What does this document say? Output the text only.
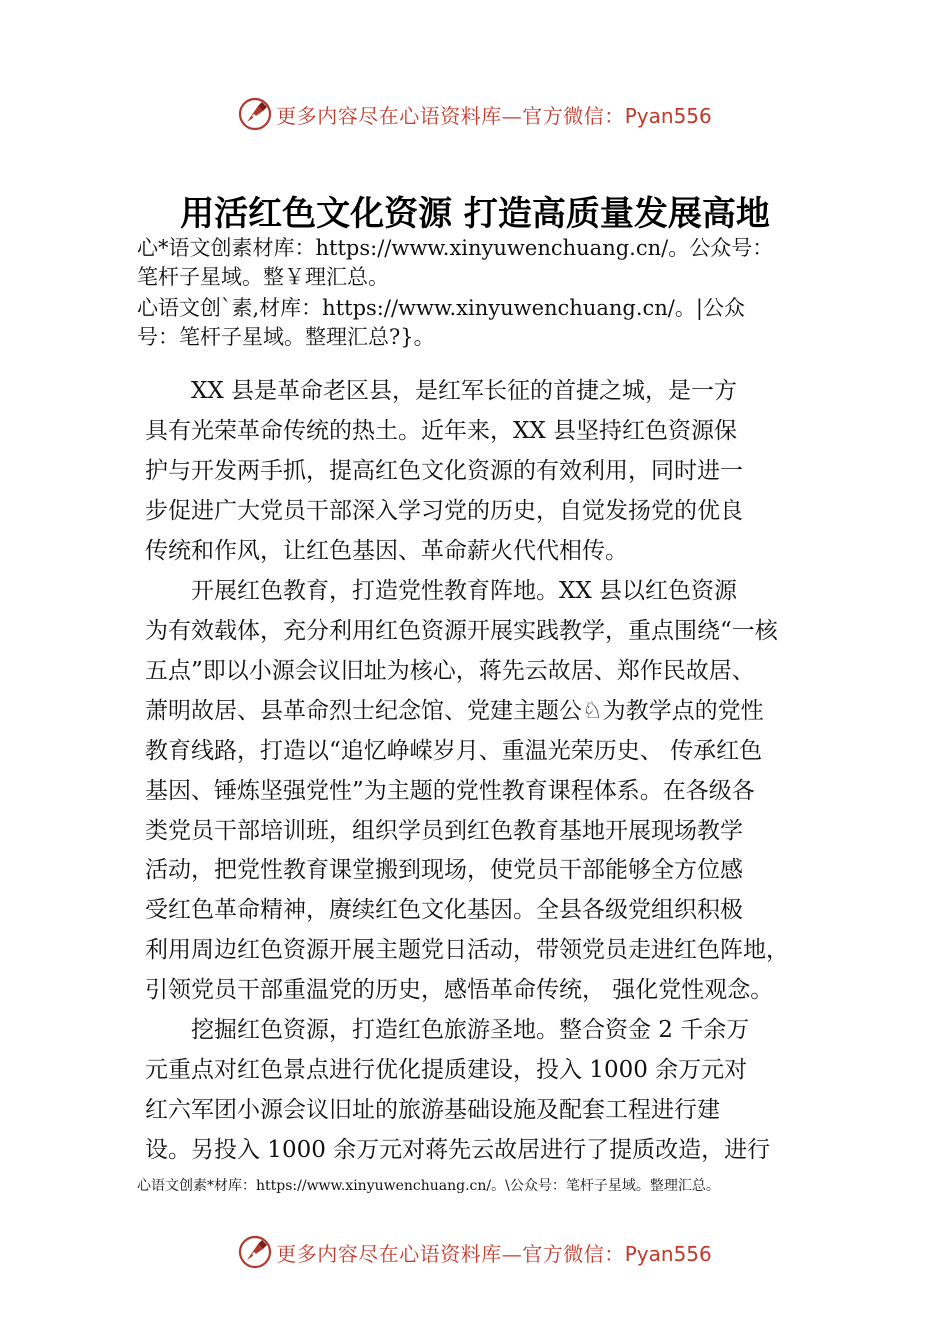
更多内容尽在心语资料库—官方微信：Pyan556
用活红色文化资源 打造高质量发展高地
心*语文创素材库：https://www.xinyuwenchuang.cn/。公众号：
笔杆子星域。整￥理汇总。
心语文创`素,材库：https://www.xinyuwenchuang.cn/。|公众
号：笔杆子星域。整理汇总?}。
　　XX 县是革命老区县，是红军长征的首捷之城，是一方
具有光荣革命传统的热土。近年来，XX 县坚持红色资源保
护与开发两手抓，提高红色文化资源的有效利用，同时进一
步促进广大党员干部深入学习党的历史，自觉发扬党的优良
传统和作风，让红色基因、革命薪火代代相传。
　　开展红色教育，打造党性教育阵地。XX 县以红色资源
为有效载体，充分利用红色资源开展实践教学，重点围绕“一核
五点”即以小源会议旧址为核心，蒋先云故居、郑作民故居、
萧明故居、县革命烈士纪念馆、党建主题公♘为教学点的党性
教育线路，打造以“追忆峥嵘岁月、重温光荣历史、 传承红色
基因、锤炼坚强党性”为主题的党性教育课程体系。在各级各
类党员干部培训班，组织学员到红色教育基地开展现场教学
活动，把党性教育课堂搬到现场，使党员干部能够全方位感
受红色革命精神，赓续红色文化基因。全县各级党组织积极
利用周边红色资源开展主题党日活动，带领党员走进红色阵地，
引领党员干部重温党的历史，感悟革命传统， 强化党性观念。
　　挖掘红色资源，打造红色旅游圣地。整合资金 2 千余万
元重点对红色景点进行优化提质建设，投入 1000 余万元对
红六军团小源会议旧址的旅游基础设施及配套工程进行建
设。另投入 1000 余万元对蒋先云故居进行了提质改造，进行
心语文创素*材库：https://www.xinyuwenchuang.cn/。\公众号：笔杆子星域。整理汇总。
更多内容尽在心语资料库—官方微信：Pyan556
